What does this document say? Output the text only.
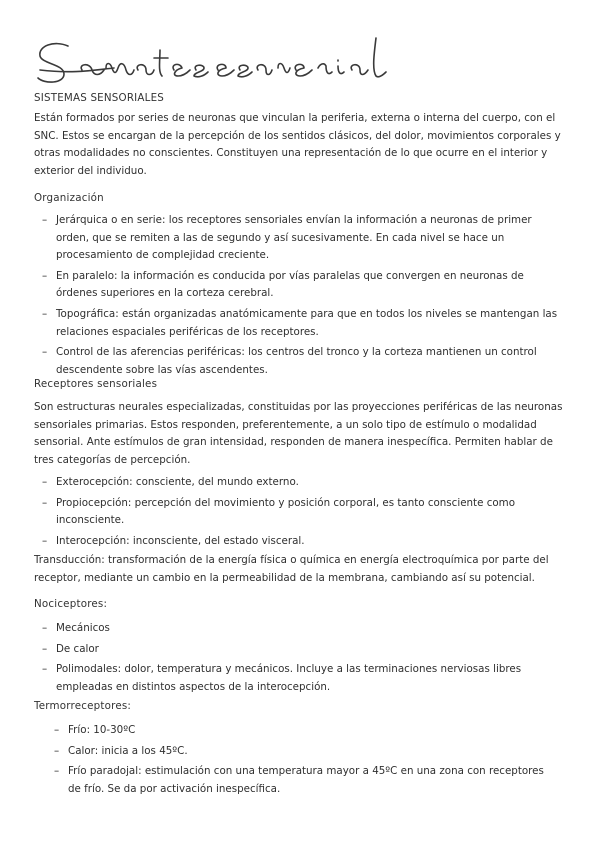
SISTEMAS SENSORIALES
Están formados por series de neuronas que vinculan la periferia, externa o interna del cuerpo, con el SNC. Estos se encargan de la percepción de los sentidos clásicos, del dolor, movimientos corporales y otras modalidades no conscientes. Constituyen una representación de lo que ocurre en el interior y exterior del individuo.
Organización
– Jerárquica o en serie: los receptores sensoriales envían la información a neuronas de primer orden, que se remiten a las de segundo y así sucesivamente. En cada nivel se hace un procesamiento de complejidad creciente.
– En paralelo: la información es conducida por vías paralelas que convergen en neuronas de órdenes superiores en la corteza cerebral.
– Topográfica: están organizadas anatómicamente para que en todos los niveles se mantengan las relaciones espaciales periféricas de los receptores.
– Control de las aferencias periféricas: los centros del tronco y la corteza mantienen un control descendente sobre las vías ascendentes.
Receptores sensoriales
Son estructuras neurales especializadas, constituidas por las proyecciones periféricas de las neuronas sensoriales primarias. Estos responden, preferentemente, a un solo tipo de estímulo o modalidad sensorial. Ante estímulos de gran intensidad, responden de manera inespecífica. Permiten hablar de tres categorías de percepción.
– Exterocepción: consciente, del mundo externo.
– Propiocepción: percepción del movimiento y posición corporal, es tanto consciente como inconsciente.
– Interocepción: inconsciente, del estado visceral.
Transducción: transformación de la energía física o química en energía electroquímica por parte del receptor, mediante un cambio en la permeabilidad de la membrana, cambiando así su potencial.
Nociceptores:
– Mecánicos
– De calor
– Polimodales: dolor, temperatura y mecánicos. Incluye a las terminaciones nerviosas libres empleadas en distintos aspectos de la interocepción.
Termorreceptores:
– Frío: 10-30ºC
– Calor: inicia a los 45ºC.
– Frío paradojal: estimulación con una temperatura mayor a 45ºC en una zona con receptores de frío. Se da por activación inespecífica.
